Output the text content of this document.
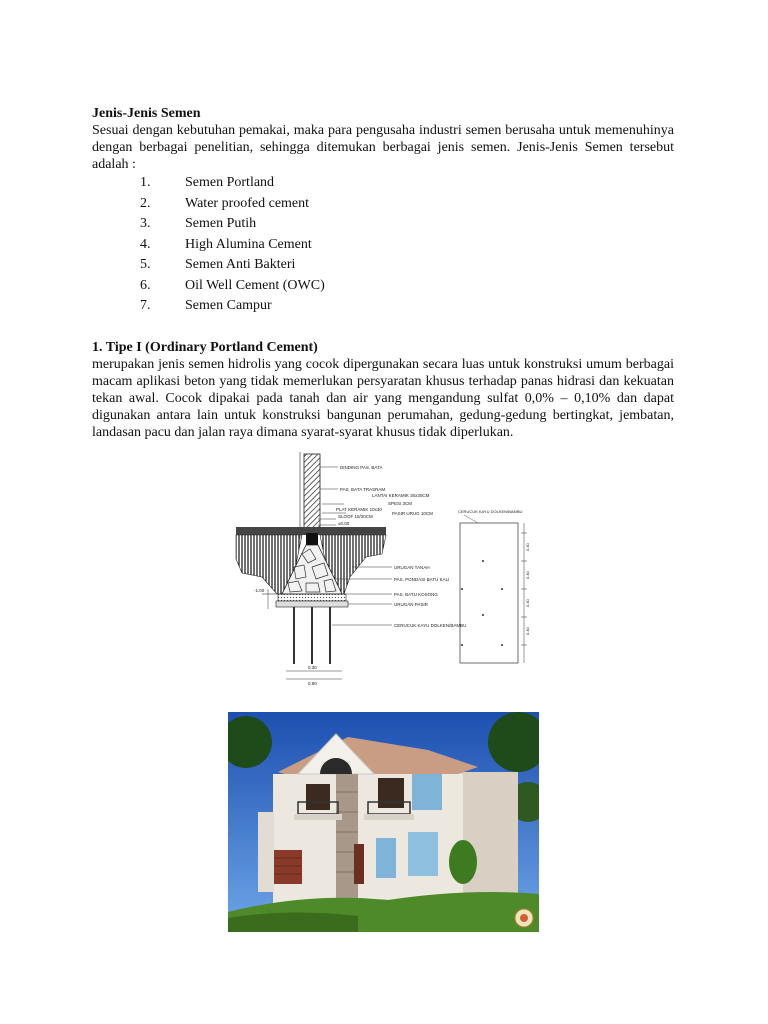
Jenis-Jenis Semen

Sesuai dengan kebutuhan pemakai, maka para pengusaha industri semen berusaha untuk memenuhinya dengan berbagai penelitian, sehingga ditemukan berbagai jenis semen. Jenis-Jenis Semen tersebut adalah :

1. Semen Portland
2. Water proofed cement
3. Semen Putih
4. High Alumina Cement
5. Semen Anti Bakteri
6. Oil Well Cement (OWC)
7. Semen Campur

1. Tipe I (Ordinary Portland Cement)

merupakan jenis semen hidrolis yang cocok dipergunakan secara luas untuk konstruksi umum berbagai macam aplikasi beton yang tidak memerlukan persyaratan khusus terhadap panas hidrasi dan kekuatan tekan awal. Cocok dipakai pada tanah dan air yang mengandung sulfat 0,0% – 0,10% dan dapat digunakan antara lain untuk konstruksi bangunan perumahan, gedung-gedung bertingkat, jembatan, landasan pacu dan jalan raya dimana syarat-syarat khusus tidak diperlukan.

-1.00
0.30
0.80
DINDING PAS. BATA
PAS. BATA TRASRAM
LANTAI KERAMIK 30x30CM
SPESI 3CM
PLAT KERAMIK 10x30
SLOOF 15/20CM
PASIR URUG 10CM
±0.00
URUGAN TANAH
PAS. PONDASI BATU KALI
PAS. BATU KOSONG
URUGAN PASIR
CERUCUK KAYU DOLKEN/BAMBU
CERUCUK KAYU DOLKEN/BAMBU
0.40
0.40
0.40
0.40
